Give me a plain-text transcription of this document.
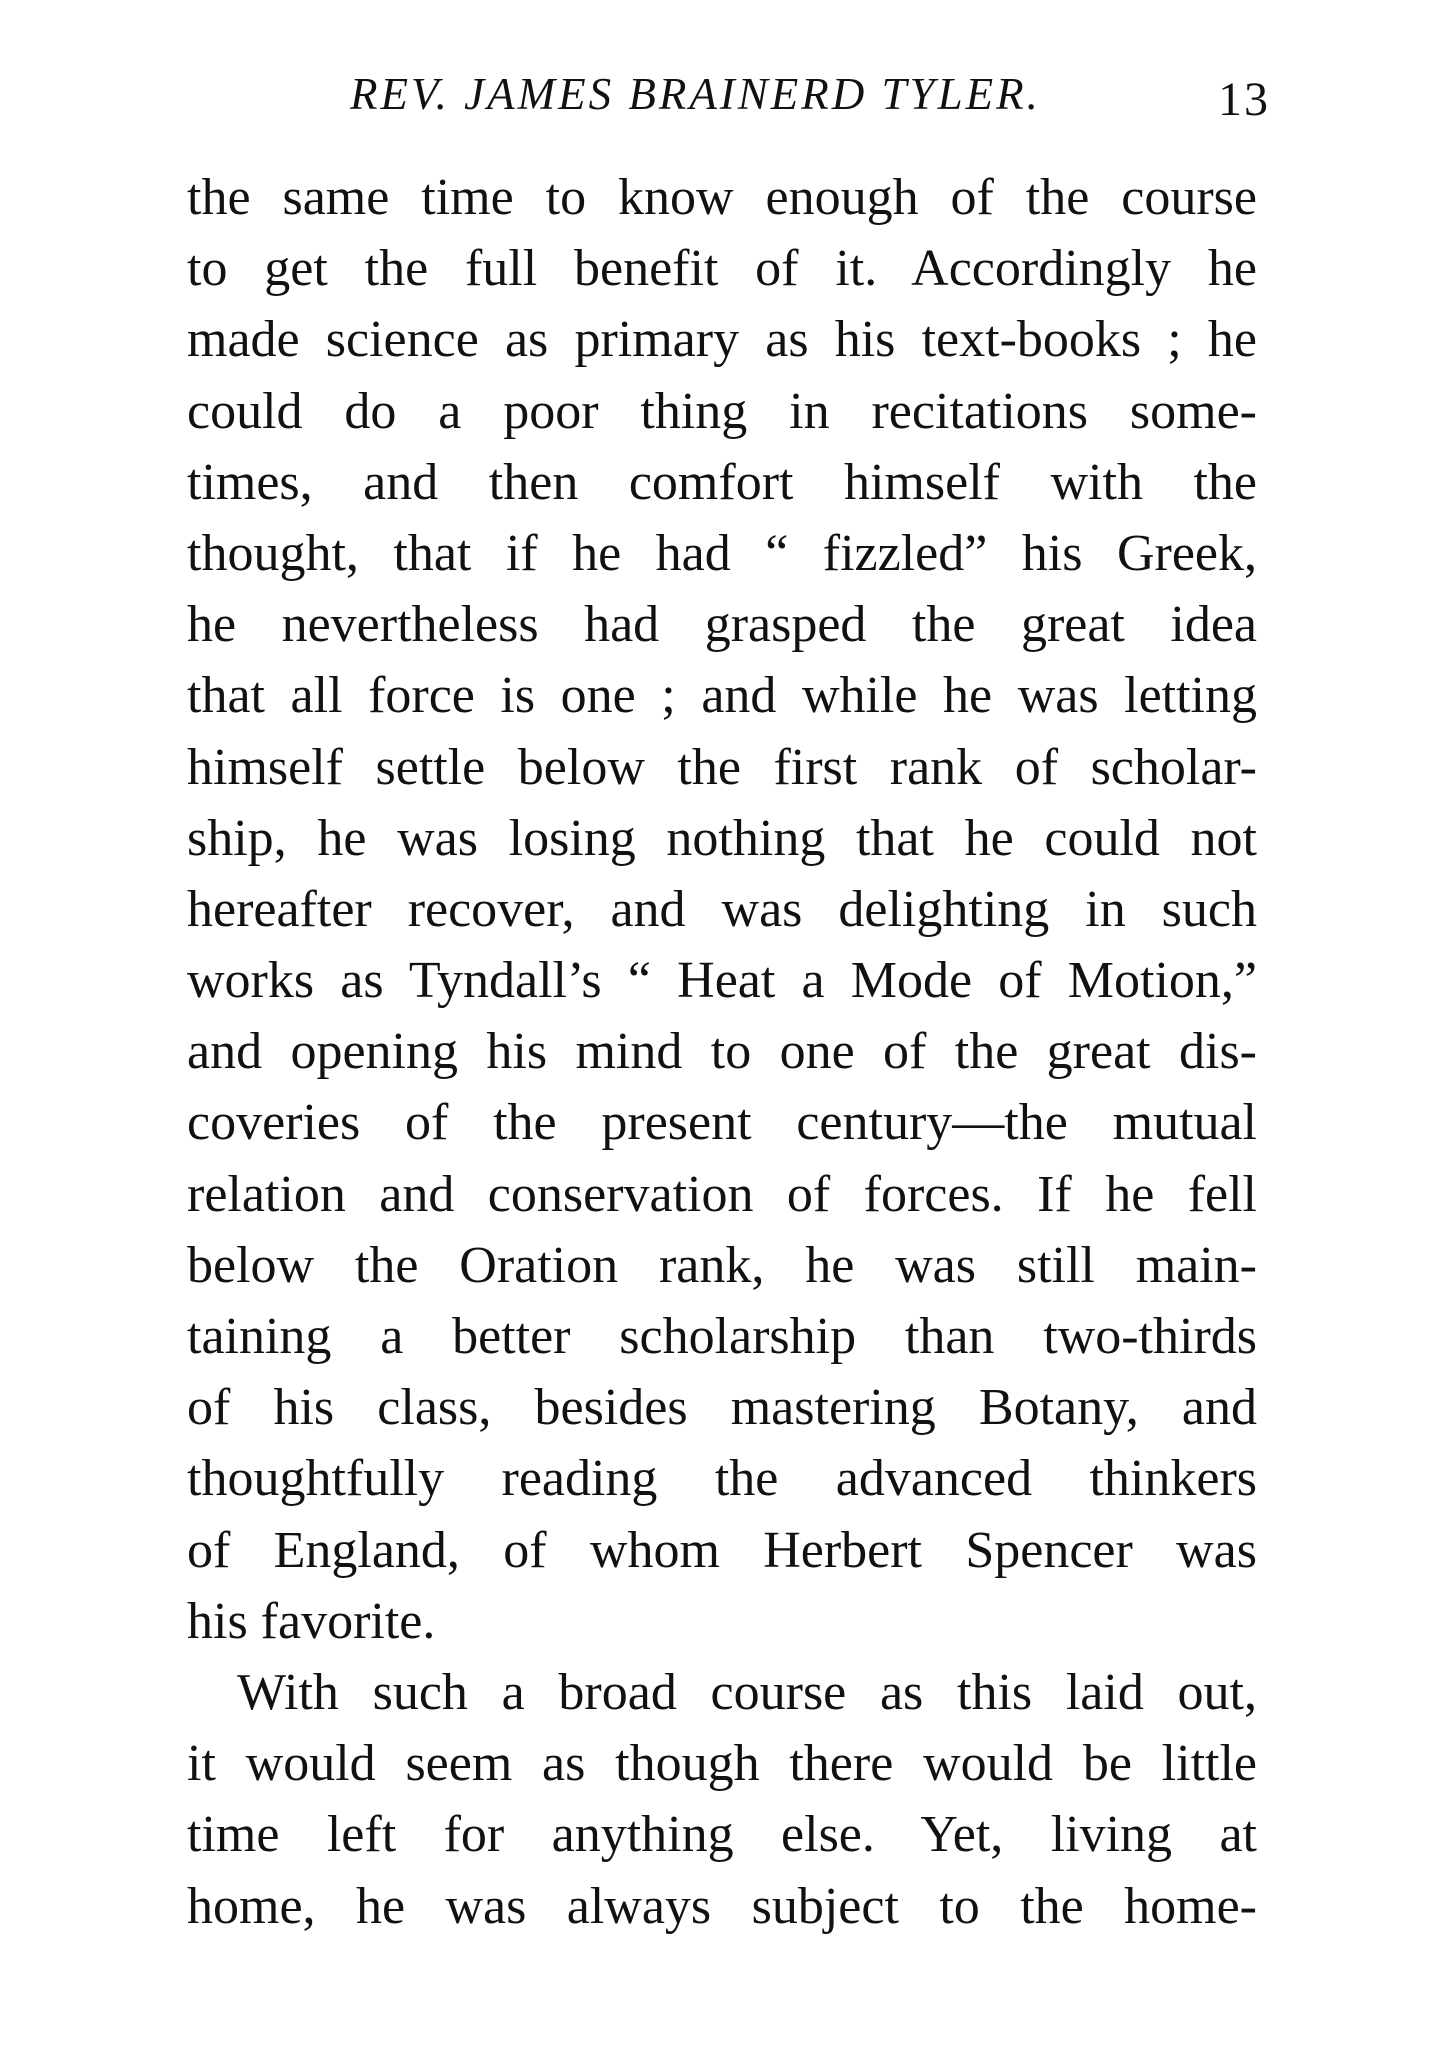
REV. JAMES BRAINERD TYLER.	13
the same time to know enough of the course
to get the full benefit of it. Accordingly he
made science as primary as his text-books ; he
could do a poor thing in recitations some-
times, and then comfort himself with the
thought, that if he had “ fizzled” his Greek,
he nevertheless had grasped the great idea
that all force is one ; and while he was letting
himself settle below the first rank of scholar-
ship, he was losing nothing that he could not
hereafter recover, and was delighting in such
works as Tyndall’s “ Heat a Mode of Motion,”
and opening his mind to one of the great dis-
coveries of the present century—the mutual
relation and conservation of forces. If he fell
below the Oration rank, he was still main-
taining a better scholarship than two-thirds
of his class, besides mastering Botany, and
thoughtfully reading the advanced thinkers
of England, of whom Herbert Spencer was
his favorite.
With such a broad course as this laid out,
it would seem as though there would be little
time left for anything else. Yet, living at
home, he was always subject to the home-
